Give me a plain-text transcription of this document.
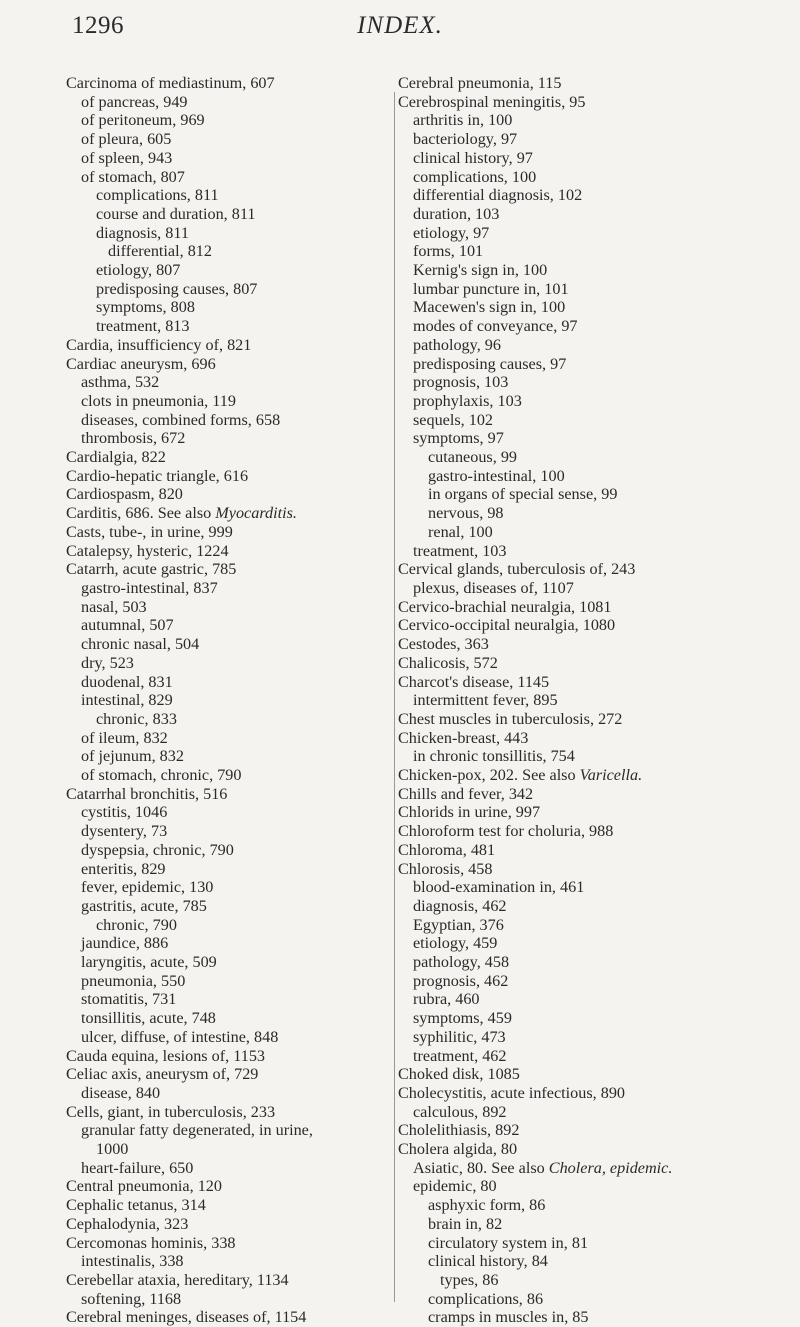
1296	INDEX.
Carcinoma of mediastinum, 607
of pancreas, 949
of peritoneum, 969
of pleura, 605
of spleen, 943
of stomach, 807
complications, 811
course and duration, 811
diagnosis, 811
differential, 812
etiology, 807
predisposing causes, 807
symptoms, 808
treatment, 813
Cardia, insufficiency of, 821
Cardiac aneurysm, 696
asthma, 532
clots in pneumonia, 119
diseases, combined forms, 658
thrombosis, 672
Cardialgia, 822
Cardio-hepatic triangle, 616
Cardiospasm, 820
Carditis, 686. See also Myocarditis.
Casts, tube-, in urine, 999
Catalepsy, hysteric, 1224
Catarrh, acute gastric, 785
gastro-intestinal, 837
nasal, 503
autumnal, 507
chronic nasal, 504
dry, 523
duodenal, 831
intestinal, 829
chronic, 833
of ileum, 832
of jejunum, 832
of stomach, chronic, 790
Catarrhal bronchitis, 516
cystitis, 1046
dysentery, 73
dyspepsia, chronic, 790
enteritis, 829
fever, epidemic, 130
gastritis, acute, 785
chronic, 790
jaundice, 886
laryngitis, acute, 509
pneumonia, 550
stomatitis, 731
tonsillitis, acute, 748
ulcer, diffuse, of intestine, 848
Cauda equina, lesions of, 1153
Celiac axis, aneurysm of, 729
disease, 840
Cells, giant, in tuberculosis, 233
granular fatty degenerated, in urine,
1000
heart-failure, 650
Central pneumonia, 120
Cephalic tetanus, 314
Cephalodynia, 323
Cercomonas hominis, 338
intestinalis, 338
Cerebellar ataxia, hereditary, 1134
softening, 1168
Cerebral meninges, diseases of, 1154
Cerebral pneumonia, 115
Cerebrospinal meningitis, 95
arthritis in, 100
bacteriology, 97
clinical history, 97
complications, 100
differential diagnosis, 102
duration, 103
etiology, 97
forms, 101
Kernig's sign in, 100
lumbar puncture in, 101
Macewen's sign in, 100
modes of conveyance, 97
pathology, 96
predisposing causes, 97
prognosis, 103
prophylaxis, 103
sequels, 102
symptoms, 97
cutaneous, 99
gastro-intestinal, 100
in organs of special sense, 99
nervous, 98
renal, 100
treatment, 103
Cervical glands, tuberculosis of, 243
plexus, diseases of, 1107
Cervico-brachial neuralgia, 1081
Cervico-occipital neuralgia, 1080
Cestodes, 363
Chalicosis, 572
Charcot's disease, 1145
intermittent fever, 895
Chest muscles in tuberculosis, 272
Chicken-breast, 443
in chronic tonsillitis, 754
Chicken-pox, 202. See also Varicella.
Chills and fever, 342
Chlorids in urine, 997
Chloroform test for choluria, 988
Chloroma, 481
Chlorosis, 458
blood-examination in, 461
diagnosis, 462
Egyptian, 376
etiology, 459
pathology, 458
prognosis, 462
rubra, 460
symptoms, 459
syphilitic, 473
treatment, 462
Choked disk, 1085
Cholecystitis, acute infectious, 890
calculous, 892
Cholelithiasis, 892
Cholera algida, 80
Asiatic, 80. See also Cholera, epidemic.
epidemic, 80
asphyxic form, 86
brain in, 82
circulatory system in, 81
clinical history, 84
types, 86
complications, 86
cramps in muscles in, 85
